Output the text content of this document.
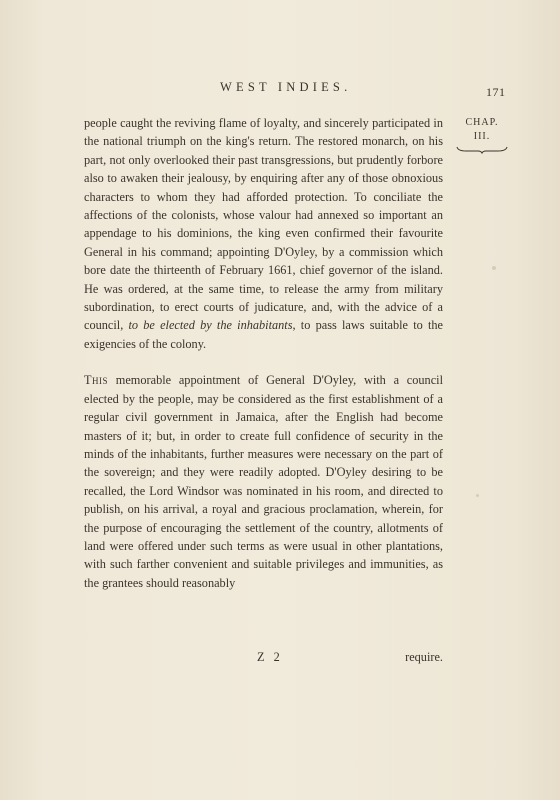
WEST INDIES.	171
CHAP.
III.

people caught the reviving flame of loyalty, and sincerely participated in the national triumph on the king's return. The restored monarch, on his part, not only overlooked their past transgressions, but prudently forbore also to awaken their jealousy, by enquiring after any of those obnoxious characters to whom they had afforded protection. To conciliate the affections of the colonists, whose valour had annexed so important an appendage to his dominions, the king even confirmed their favourite General in his command; appointing D'Oyley, by a commission which bore date the thirteenth of February 1661, chief governor of the island. He was ordered, at the same time, to release the army from military subordination, to erect courts of judicature, and, with the advice of a council, to be elected by the inhabitants, to pass laws suitable to the exigencies of the colony.

This memorable appointment of General D'Oyley, with a council elected by the people, may be considered as the first establishment of a regular civil government in Jamaica, after the English had become masters of it; but, in order to create full confidence of security in the minds of the inhabitants, further measures were necessary on the part of the sovereign; and they were readily adopted. D'Oyley desiring to be recalled, the Lord Windsor was nominated in his room, and directed to publish, on his arrival, a royal and gracious proclamation, wherein, for the purpose of encouraging the settlement of the country, allotments of land were offered under such terms as were usual in other plantations, with such farther convenient and suitable privileges and immunities, as the grantees should reasonably

Z 2	require.
